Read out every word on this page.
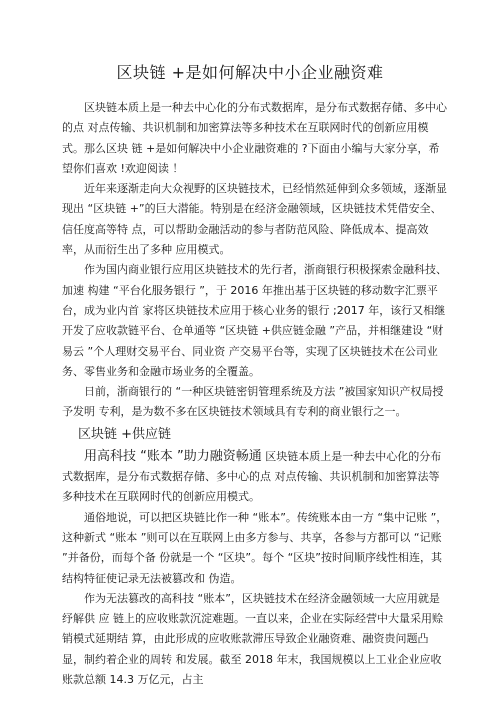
区块链 +是如何解决中小企业融资难

区块链本质上是一种去中心化的分布式数据库，是分布式数据存储、多中心的点 对点传输、共识机制和加密算法等多种技术在互联网时代的创新应用模式。那么区块 链 +是如何解决中小企业融资难的 ?下面由小编与大家分享，希望你们喜欢 !欢迎阅读 ！

近年来逐渐走向大众视野的区块链技术，已经悄然延伸到众多领域，逐渐显现出 “区块链 +”的巨大潜能。特别是在经济金融领域，区块链技术凭借安全、信任度高等特 点，可以帮助金融活动的参与者防范风险、降低成本、提高效率，从而衍生出了多种 应用模式。

作为国内商业银行应用区块链技术的先行者，浙商银行积极探索金融科技、加速 构建 “平台化服务银行 ”，于 2016 年推出基于区块链的移动数字汇票平台，成为业内首 家将区块链技术应用于核心业务的银行 ;2017 年，该行又相继开发了应收款链平台、仓单通等 “区块链 +供应链金融 ”产品，并相继建设 “财易云 ”个人理财交易平台、同业资 产交易平台等，实现了区块链技术在公司业务、零售业务和金融市场业务的全覆盖。

日前，浙商银行的 “一种区块链密钥管理系统及方法 ”被国家知识产权局授予发明 专利，是为数不多在区块链技术领域具有专利的商业银行之一。

区块链 +供应链

用高科技 “账本 ”助力融资畅通 区块链本质上是一种去中心化的分布式数据库，是分布式数据存储、多中心的点 对点传输、共识机制和加密算法等多种技术在互联网时代的创新应用模式。

通俗地说，可以把区块链比作一种 “账本”。传统账本由一方 “集中记账 ”，这种新式 “账本 ”则可以在互联网上由多方参与、共享，各参与方都可以 “记账 ”并备份，而每个备 份就是一个 “区块”。每个 “区块”按时间顺序线性相连，其结构特征使记录无法被篡改和 伪造。

作为无法篡改的高科技 “账本”，区块链技术在经济金融领域一大应用就是纾解供 应 链上的应收账款沉淀难题。一直以来，企业在实际经营中大量采用赊销模式延期结 算，由此形成的应收账款滞压导致企业融资难、融资贵问题凸显，制约着企业的周转 和发展。截至 2018 年末，我国规模以上工业企业应收账款总额 14.3 万亿元，占主
